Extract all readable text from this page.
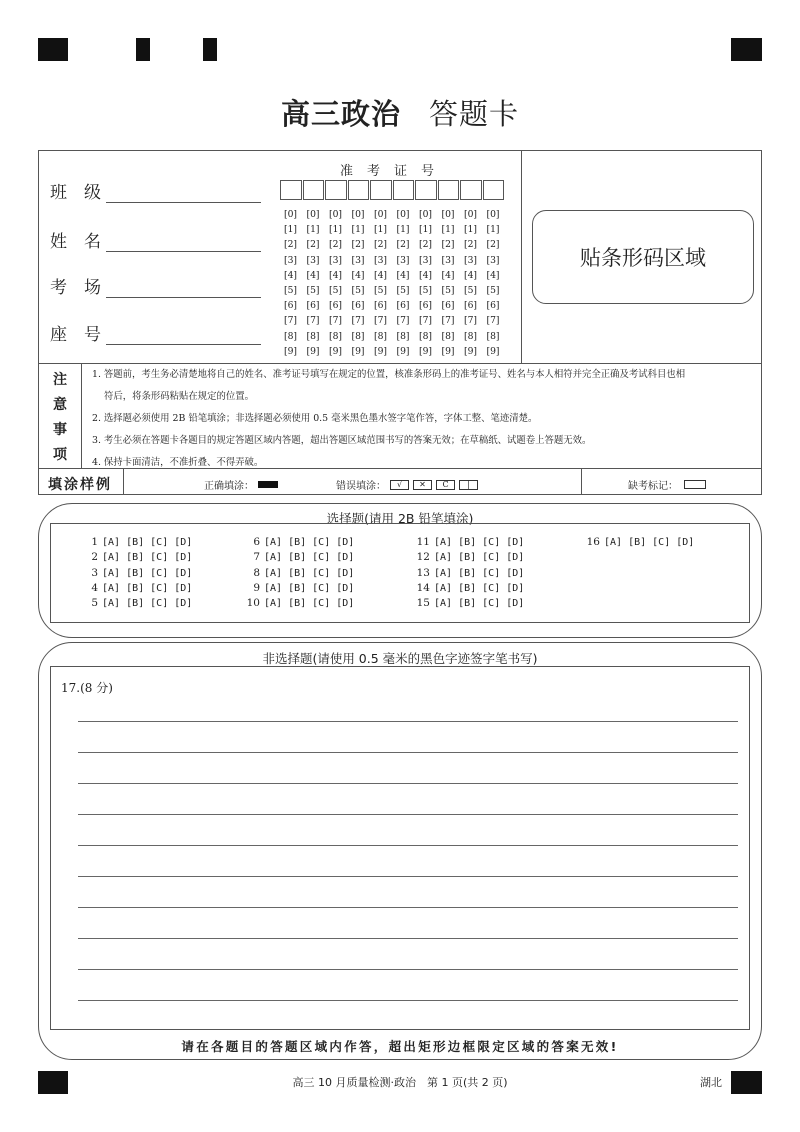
高三政治 答题卡
班　级
姓　名
考　场
座　号
准考证号
[0]	[0]	[0]	[0]	[0]	[0]	[0]	[0]	[0]	[0]
[1]	[1]	[1]	[1]	[1]	[1]	[1]	[1]	[1]	[1]
[2]	[2]	[2]	[2]	[2]	[2]	[2]	[2]	[2]	[2]
[3]	[3]	[3]	[3]	[3]	[3]	[3]	[3]	[3]	[3]
[4]	[4]	[4]	[4]	[4]	[4]	[4]	[4]	[4]	[4]
[5]	[5]	[5]	[5]	[5]	[5]	[5]	[5]	[5]	[5]
[6]	[6]	[6]	[6]	[6]	[6]	[6]	[6]	[6]	[6]
[7]	[7]	[7]	[7]	[7]	[7]	[7]	[7]	[7]	[7]
[8]	[8]	[8]	[8]	[8]	[8]	[8]	[8]	[8]	[8]
[9]	[9]	[9]	[9]	[9]	[9]	[9]	[9]	[9]	[9]
贴条形码区域
注
意
事
项
1. 答题前，考生务必清楚地将自己的姓名、准考证号填写在规定的位置，核准条形码上的准考证号、姓名与本人相符并完全正确及考试科目也相
符后，将条形码粘贴在规定的位置。
2. 选择题必须使用 2B 铅笔填涂；非选择题必须使用 0.5 毫米黑色墨水签字笔作答，字体工整、笔迹清楚。
3. 考生必须在答题卡各题目的规定答题区域内答题，超出答题区域范围书写的答案无效；在草稿纸、试题卷上答题无效。
4. 保持卡面清洁，不准折叠、不得弄破。
填涂样例	正确填涂：	错误填涂：	√	✕	C	|	缺考标记：
选择题(请用 2B 铅笔填涂)
1 [A] [B] [C] [D]
2 [A] [B] [C] [D]
3 [A] [B] [C] [D]
4 [A] [B] [C] [D]
5 [A] [B] [C] [D]
6 [A] [B] [C] [D]
7 [A] [B] [C] [D]
8 [A] [B] [C] [D]
9 [A] [B] [C] [D]
10 [A] [B] [C] [D]
11 [A] [B] [C] [D]
12 [A] [B] [C] [D]
13 [A] [B] [C] [D]
14 [A] [B] [C] [D]
15 [A] [B] [C] [D]
16 [A] [B] [C] [D]
非选择题(请使用 0.5 毫米的黑色字迹签字笔书写)
17.(8 分)
请在各题目的答题区域内作答，超出矩形边框限定区域的答案无效!
高三 10 月质量检测·政治　第 1 页(共 2 页)	湖北
